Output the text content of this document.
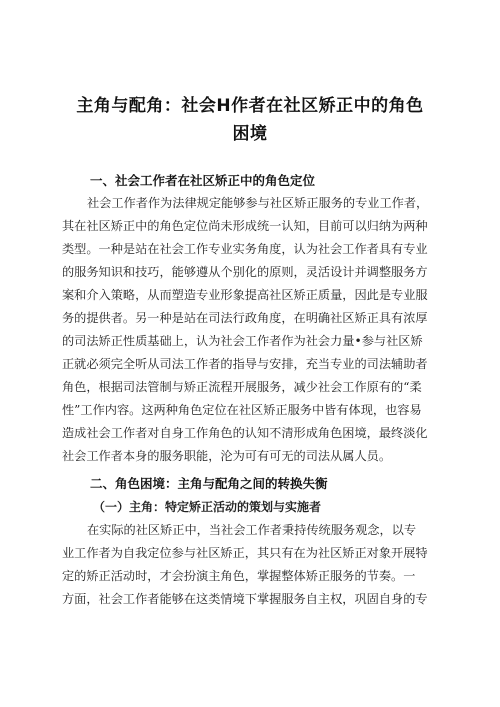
主角与配角：社会H作者在社区矫正中的角色
困境
一、社会工作者在社区矫正中的角色定位
社会工作者作为法律规定能够参与社区矫正服务的专业工作者，
其在社区矫正中的角色定位尚未形成统一认知，目前可以归纳为两种
类型。一种是站在社会工作专业实务角度，认为社会工作者具有专业
的服务知识和技巧，能够遵从个别化的原则，灵活设计并调整服务方
案和介入策略，从而塑造专业形象提高社区矫正质量，因此是专业服
务的提供者。另一种是站在司法行政角度，在明确社区矫正具有浓厚
的司法矫正性质基础上，认为社会工作者作为社会力量•参与社区矫
正就必须完全听从司法工作者的指导与安排，充当专业的司法辅助者
角色，根据司法管制与矫正流程开展服务，减少社会工作原有的“柔
性”工作内容。这两种角色定位在社区矫正服务中皆有体现，也容易
造成社会工作者对自身工作角色的认知不清形成角色困境，最终淡化
社会工作者本身的服务职能，沦为可有可无的司法从属人员。
二、角色困境：主角与配角之间的转换失衡
（一）主角：特定矫正活动的策划与实施者
在实际的社区矫正中，当社会工作者秉持传统服务观念，以专
业工作者为自我定位参与社区矫正，其只有在为社区矫正对象开展特
定的矫正活动时，才会扮演主角色，掌握整体矫正服务的节奏。一
方面，社会工作者能够在这类情境下掌握服务自主权，巩固自身的专
